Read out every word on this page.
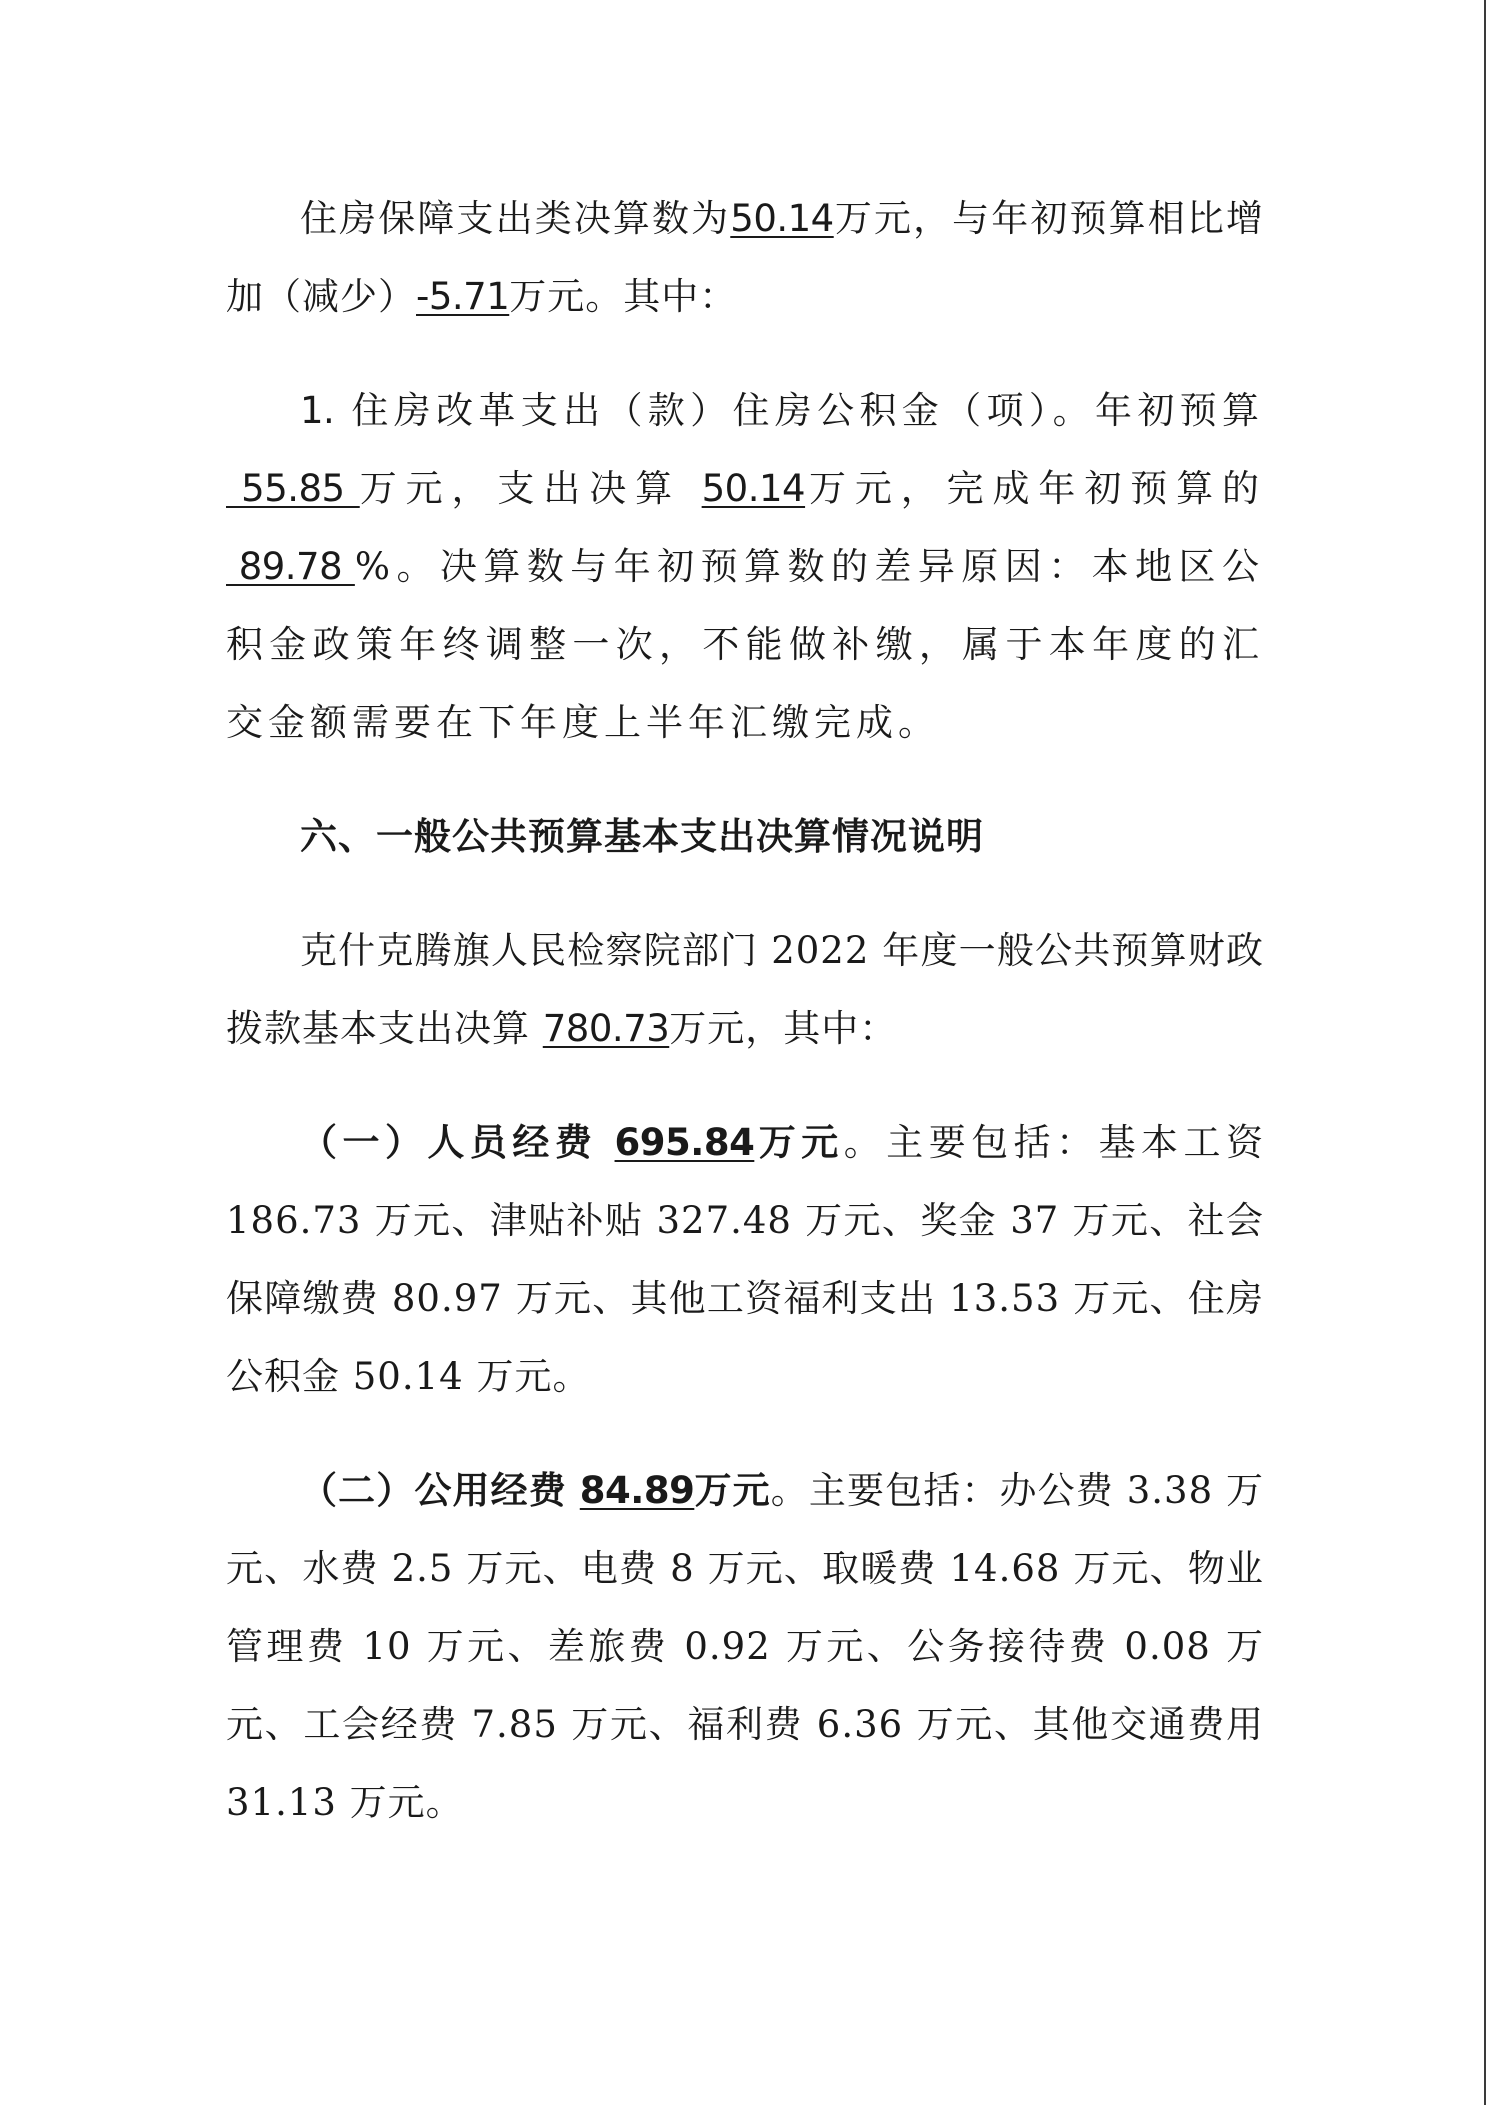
住房保障支出类决算数为50.14万元，与年初预算相比增加（减少）-5.71万元。其中：

1. 住房改革支出（款）住房公积金（项）。年初预算 55.85 万元，支出决算 50.14万元，完成年初预算的 89.78 %。决算数与年初预算数的差异原因：本地区公积金政策年终调整一次，不能做补缴，属于本年度的汇交金额需要在下年度上半年汇缴完成。

六、一般公共预算基本支出决算情况说明

克什克腾旗人民检察院部门 2022 年度一般公共预算财政拨款基本支出决算 780.73万元，其中：

（一）人员经费 695.84万元。主要包括：基本工资 186.73 万元、津贴补贴 327.48 万元、奖金 37 万元、社会保障缴费 80.97 万元、其他工资福利支出 13.53 万元、住房公积金 50.14 万元。

（二）公用经费 84.89万元。主要包括：办公费 3.38 万元、水费 2.5 万元、电费 8 万元、取暖费 14.68 万元、物业管理费 10 万元、差旅费 0.92 万元、公务接待费 0.08 万元、工会经费 7.85 万元、福利费 6.36 万元、其他交通费用 31.13 万元。
